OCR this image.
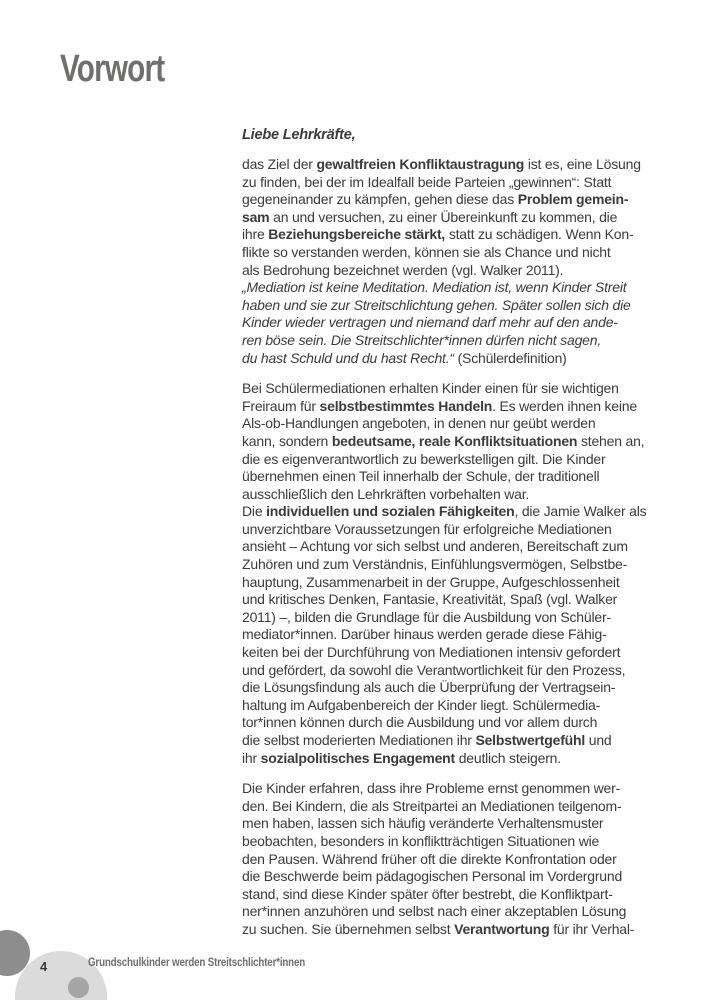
Vorwort
Liebe Lehrkräfte,
das Ziel der gewaltfreien Konfliktaustragung ist es, eine Lösung
zu finden, bei der im Idealfall beide Parteien „gewinnen“: Statt
gegeneinander zu kämpfen, gehen diese das Problem gemein-
sam an und versuchen, zu einer Übereinkunft zu kommen, die
ihre Beziehungsbereiche stärkt, statt zu schädigen. Wenn Kon-
flikte so verstanden werden, können sie als Chance und nicht
als Bedrohung bezeichnet werden (vgl. Walker 2011).
„Mediation ist keine Meditation. Mediation ist, wenn Kinder Streit
haben und sie zur Streitschlichtung gehen. Später sollen sich die
Kinder wieder vertragen und niemand darf mehr auf den ande-
ren böse sein. Die Streitschlichter*innen dürfen nicht sagen,
du hast Schuld und du hast Recht.“ (Schülerdefinition)
Bei Schülermediationen erhalten Kinder einen für sie wichtigen
Freiraum für selbstbestimmtes Handeln. Es werden ihnen keine
Als-ob-Handlungen angeboten, in denen nur geübt werden
kann, sondern bedeutsame, reale Konfliktsituationen stehen an,
die es eigenverantwortlich zu bewerkstelligen gilt. Die Kinder
übernehmen einen Teil innerhalb der Schule, der traditionell
ausschließlich den Lehrkräften vorbehalten war.
Die individuellen und sozialen Fähigkeiten, die Jamie Walker als
unverzichtbare Voraussetzungen für erfolgreiche Mediationen
ansieht – Achtung vor sich selbst und anderen, Bereitschaft zum
Zuhören und zum Verständnis, Einfühlungsvermögen, Selbstbe-
hauptung, Zusammenarbeit in der Gruppe, Aufgeschlossenheit
und kritisches Denken, Fantasie, Kreativität, Spaß (vgl. Walker
2011) –, bilden die Grundlage für die Ausbildung von Schüler-
mediator*innen. Darüber hinaus werden gerade diese Fähig-
keiten bei der Durchführung von Mediationen intensiv gefordert
und gefördert, da sowohl die Verantwortlichkeit für den Prozess,
die Lösungsfindung als auch die Überprüfung der Vertragsein-
haltung im Aufgabenbereich der Kinder liegt. Schülermedia-
tor*innen können durch die Ausbildung und vor allem durch
die selbst moderierten Mediationen ihr Selbstwertgefühl und
ihr sozialpolitisches Engagement deutlich steigern.
Die Kinder erfahren, dass ihre Probleme ernst genommen wer-
den. Bei Kindern, die als Streitpartei an Mediationen teilgenom-
men haben, lassen sich häufig veränderte Verhaltensmuster
beobachten, besonders in konfliktträchtigen Situationen wie
den Pausen. Während früher oft die direkte Konfrontation oder
die Beschwerde beim pädagogischen Personal im Vordergrund
stand, sind diese Kinder später öfter bestrebt, die Konfliktpart-
ner*innen anzuhören und selbst nach einer akzeptablen Lösung
zu suchen. Sie übernehmen selbst Verantwortung für ihr Verhal-
4	Grundschulkinder werden Streitschlichter*innen
